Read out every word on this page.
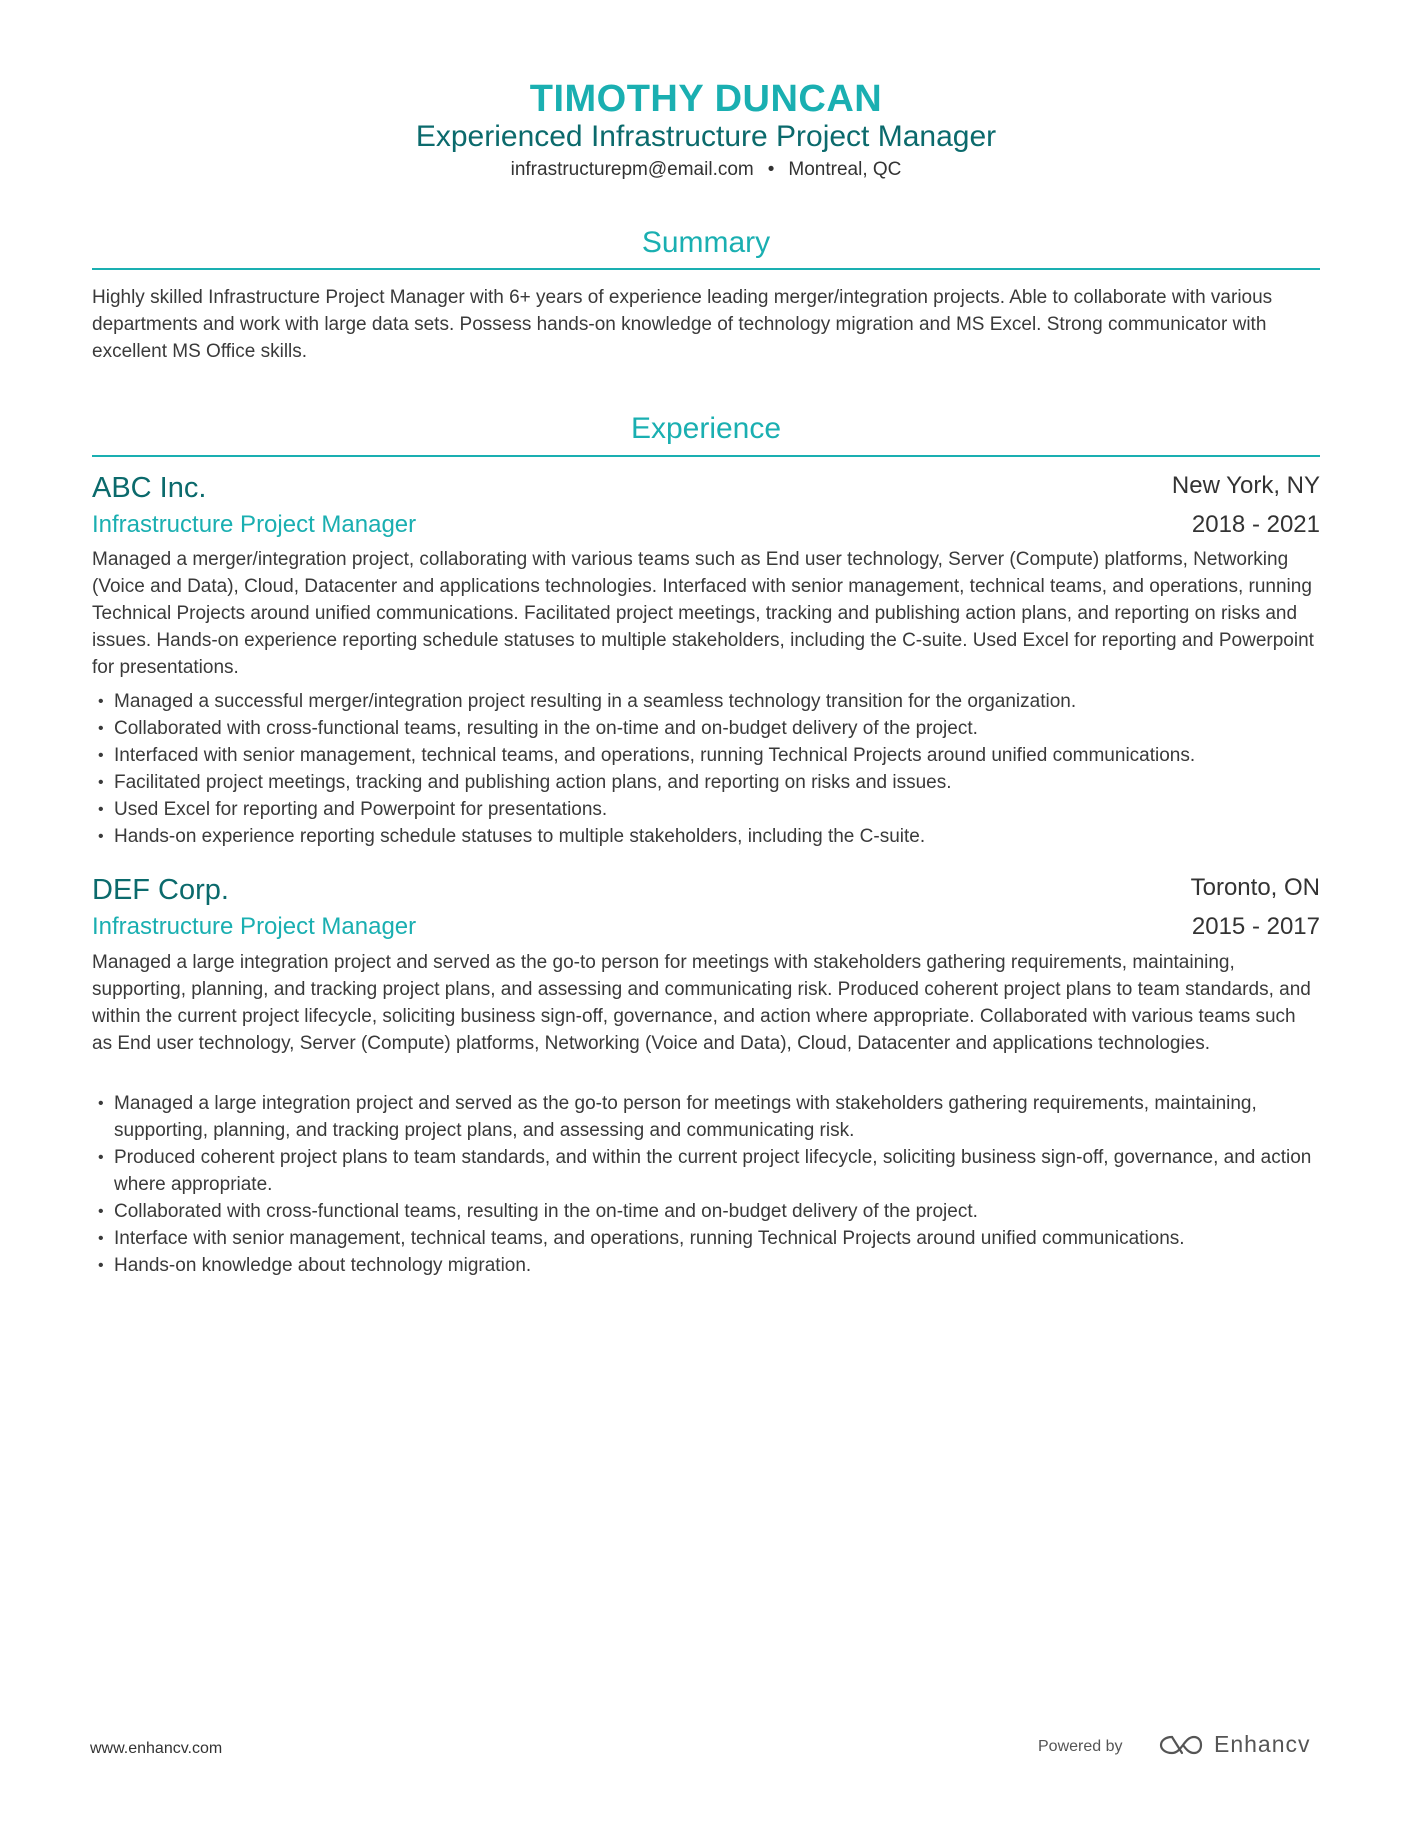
TIMOTHY DUNCAN
Experienced Infrastructure Project Manager
infrastructurepm@email.com • Montreal, QC
Summary

Highly skilled Infrastructure Project Manager with 6+ years of experience leading merger/integration projects. Able to collaborate with various departments and work with large data sets. Possess hands-on knowledge of technology migration and MS Excel. Strong communicator with excellent MS Office skills.

Experience
ABC Inc.	New York, NY
Infrastructure Project Manager	2018 - 2021

Managed a merger/integration project, collaborating with various teams such as End user technology, Server (Compute) platforms, Networking (Voice and Data), Cloud, Datacenter and applications technologies. Interfaced with senior management, technical teams, and operations, running Technical Projects around unified communications. Facilitated project meetings, tracking and publishing action plans, and reporting on risks and issues. Hands-on experience reporting schedule statuses to multiple stakeholders, including the C-suite. Used Excel for reporting and Powerpoint for presentations.

• Managed a successful merger/integration project resulting in a seamless technology transition for the organization.
• Collaborated with cross-functional teams, resulting in the on-time and on-budget delivery of the project.
• Interfaced with senior management, technical teams, and operations, running Technical Projects around unified communications.
• Facilitated project meetings, tracking and publishing action plans, and reporting on risks and issues.
• Used Excel for reporting and Powerpoint for presentations.
• Hands-on experience reporting schedule statuses to multiple stakeholders, including the C-suite.
DEF Corp.	Toronto, ON
Infrastructure Project Manager	2015 - 2017

Managed a large integration project and served as the go-to person for meetings with stakeholders gathering requirements, maintaining, supporting, planning, and tracking project plans, and assessing and communicating risk. Produced coherent project plans to team standards, and within the current project lifecycle, soliciting business sign-off, governance, and action where appropriate. Collaborated with various teams such as End user technology, Server (Compute) platforms, Networking (Voice and Data), Cloud, Datacenter and applications technologies.

• Managed a large integration project and served as the go-to person for meetings with stakeholders gathering requirements, maintaining, supporting, planning, and tracking project plans, and assessing and communicating risk.
• Produced coherent project plans to team standards, and within the current project lifecycle, soliciting business sign-off, governance, and action where appropriate.
• Collaborated with cross-functional teams, resulting in the on-time and on-budget delivery of the project.
• Interface with senior management, technical teams, and operations, running Technical Projects around unified communications.
• Hands-on knowledge about technology migration.
www.enhancv.com	Powered by	Enhancv
